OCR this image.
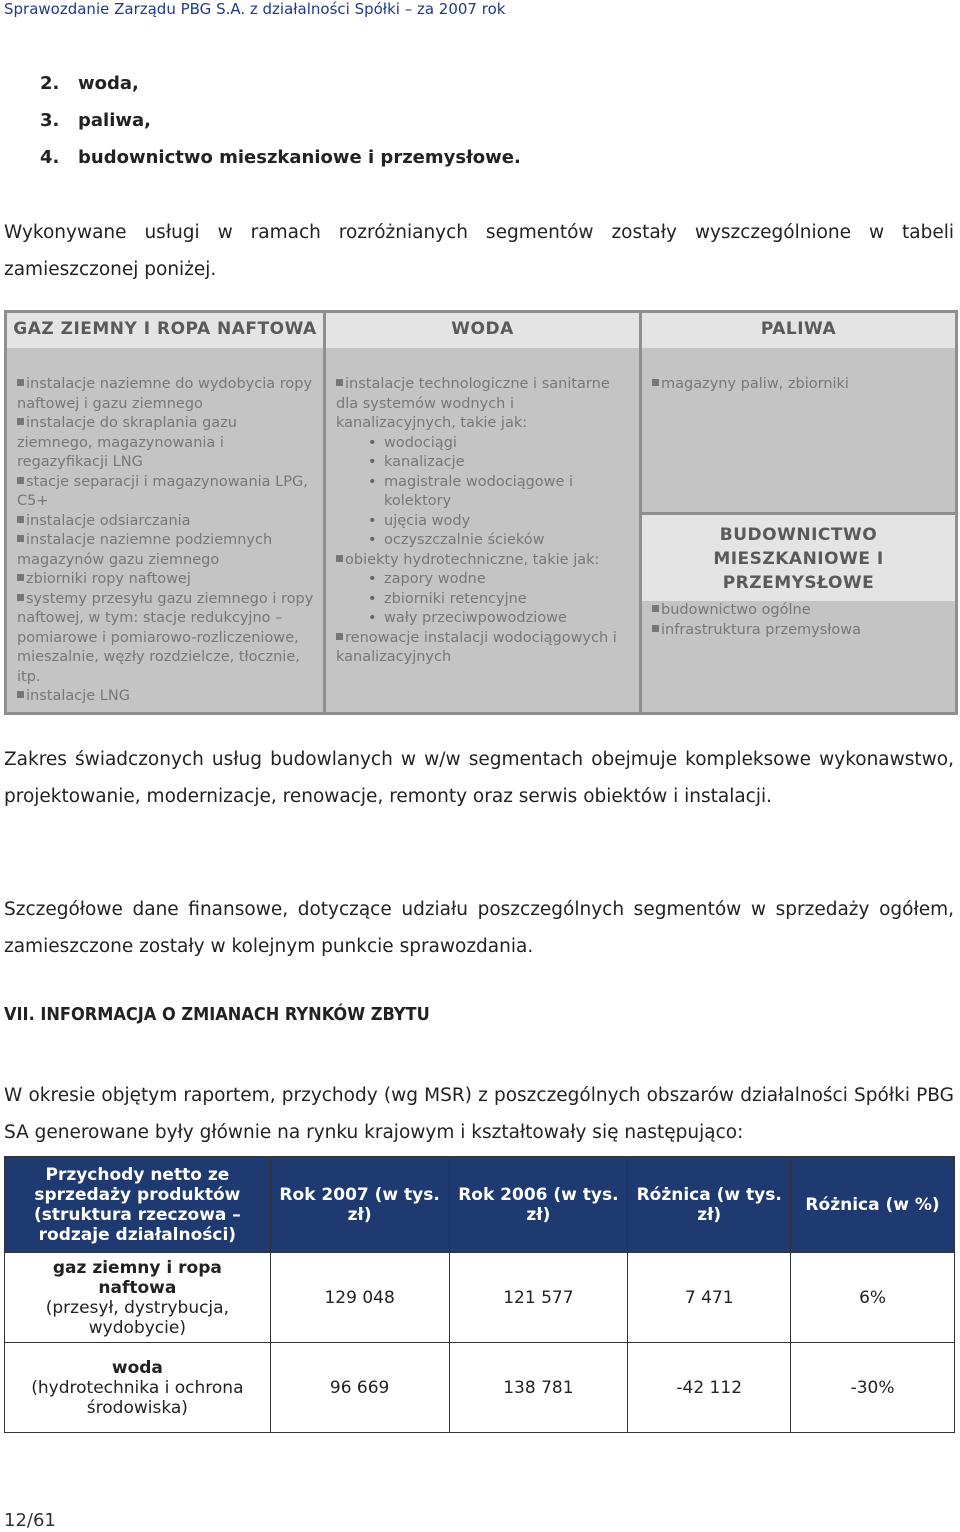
Sprawozdanie Zarządu PBG S.A. z działalności Spółki – za 2007 rok
2. woda,
3. paliwa,
4. budownictwo mieszkaniowe i przemysłowe.

Wykonywane usługi w ramach rozróżnianych segmentów zostały wyszczególnione w tabeli zamieszczonej poniżej.

GAZ ZIEMNY I ROPA NAFTOWA

instalacje naziemne do wydobycia ropy naftowej i gazu ziemnego

instalacje do skraplania gazu ziemnego, magazynowania i regazyfikacji LNG

stacje separacji i magazynowania LPG, C5+

instalacje odsiarczania

instalacje naziemne podziemnych magazynów gazu ziemnego

zbiorniki ropy naftowej

systemy przesyłu gazu ziemnego i ropy naftowej, w tym: stacje redukcyjno – pomiarowe i pomiarowo-rozliczeniowe, mieszalnie, węzły rozdzielcze, tłocznie, itp.

instalacje LNG

WODA

instalacje technologiczne i sanitarne dla systemów wodnych i kanalizacyjnych, takie jak:

• wodociągi

• kanalizacje

• magistrale wodociągowe i kolektory

• ujęcia wody

• oczyszczalnie ścieków

obiekty hydrotechniczne, takie jak:

• zapory wodne

• zbiorniki retencyjne

• wały przeciwpowodziowe

renowacje instalacji wodociągowych i kanalizacyjnych

PALIWA

magazyny paliw, zbiorniki

BUDOWNICTWO MIESZKANIOWE I PRZEMYSŁOWE

budownictwo ogólne

infrastruktura przemysłowa

Zakres świadczonych usług budowlanych w w/w segmentach obejmuje kompleksowe wykonawstwo, projektowanie, modernizacje, renowacje, remonty oraz serwis obiektów i instalacji.

Szczegółowe dane finansowe, dotyczące udziału poszczególnych segmentów w sprzedaży ogółem, zamieszczone zostały w kolejnym punkcie sprawozdania.

VII. INFORMACJA O ZMIANACH RYNKÓW ZBYTU

W okresie objętym raportem, przychody (wg MSR) z poszczególnych obszarów działalności Spółki PBG SA generowane były głównie na rynku krajowym i kształtowały się następująco:

Przychody netto ze sprzedaży produktów (struktura rzeczowa – rodzaje działalności)	Rok 2007 (w tys. zł)	Rok 2006 (w tys. zł)	Różnica (w tys. zł)	Różnica (w %)
gaz ziemny i ropa naftowa
(przesył, dystrybucja, wydobycie)	129 048	121 577	7 471	6%
woda
(hydrotechnika i ochrona środowiska)	96 669	138 781	-42 112	-30%
12/61
